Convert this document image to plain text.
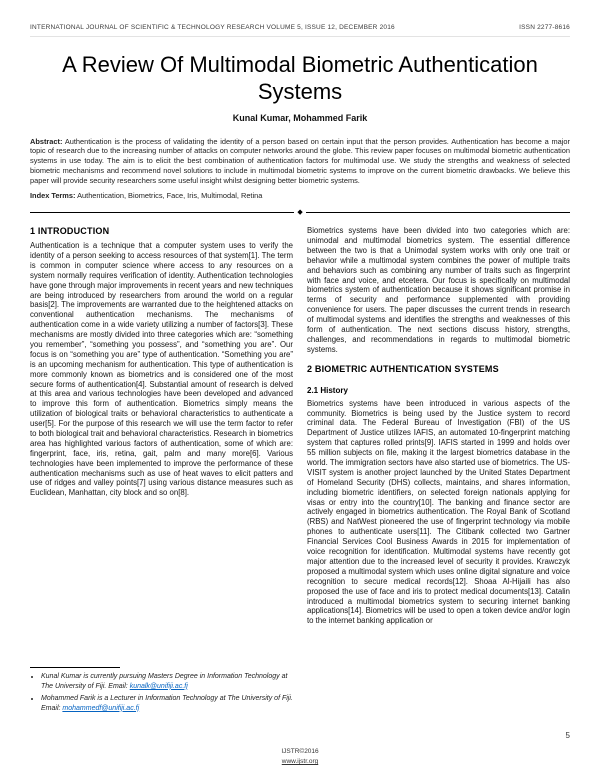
INTERNATIONAL JOURNAL OF SCIENTIFIC & TECHNOLOGY RESEARCH VOLUME 5, ISSUE 12, DECEMBER 2016	ISSN 2277-8616
A Review Of Multimodal Biometric Authentication Systems
Kunal Kumar, Mohammed Farik

Abstract: Authentication is the process of validating the identity of a person based on certain input that the person provides. Authentication has become a major topic of research due to the increasing number of attacks on computer networks around the globe. This review paper focuses on multimodal biometric authentication systems in use today. The aim is to elicit the best combination of authentication factors for multimodal use. We study the strengths and weakness of selected biometric mechanisms and recommend novel solutions to include in multimodal biometric systems to improve on the current biometric drawbacks. We believe this paper will provide security researchers some useful insight whilst designing better biometric systems.

Index Terms: Authentication, Biometrics, Face, Iris, Multimodal, Retina

◆
1 INTRODUCTION

Authentication is a technique that a computer system uses to verify the identity of a person seeking to access resources of that system[1]. The term is common in computer science where access to any resources on a system normally requires verification of identity. Authentication technologies have gone through major improvements in recent years and new techniques are being introduced by researchers from around the world on a regular basis[2]. The improvements are warranted due to the heightened attacks on conventional authentication mechanisms. The mechanisms of authentication come in a wide variety utilizing a number of factors[3]. These mechanisms are mostly divided into three categories which are: “something you remember”, “something you possess”, and “something you are”. Our focus is on “something you are” type of authentication. “Something you are” is an upcoming mechanism for authentication. This type of authentication is more commonly known as biometrics and is considered one of the most secure forms of authentication[4]. Substantial amount of research is delved at this area and various technologies have been developed and advanced to improve this form of authentication. Biometrics simply means the utilization of biological traits or behavioral characteristics to authenticate a user[5]. For the purpose of this research we will use the term factor to refer to both biological trait and behavioral characteristics. Research in biometrics area has highlighted various factors of authentication, some of which are: fingerprint, face, iris, retina, gait, palm and many more[6]. Various technologies have been implemented to improve the performance of these authentication mechanisms such as use of heat waves to elicit patters and use of ridges and valley points[7] using various distance measures such as Euclidean, Manhattan, city block and so on[8].

• Kunal Kumar is currently pursuing Masters Degree in Information Technology at The University of Fiji. Email: kunalk@unifiji.ac.fj
• Mohammed Farik is a Lecturer in Information Technology at The University of Fiji. Email: mohammedf@unifiji.ac.fj

Biometrics systems have been divided into two categories which are: unimodal and multimodal biometrics system. The essential difference between the two is that a Unimodal system works with only one trait or behavior while a multimodal system combines the power of multiple traits and behaviors such as combining any number of traits such as fingerprint with face and voice, and etcetera. Our focus is specifically on multimodal biometrics system of authentication because it shows significant promise in terms of security and performance supplemented with providing convenience for users. The paper discusses the current trends in research of multimodal systems and identifies the strengths and weaknesses of this form of authentication. The next sections discuss history, strengths, challenges, and recommendations in regards to multimodal biometric systems.

2 BIOMETRIC AUTHENTICATION SYSTEMS
2.1 History

Biometrics systems have been introduced in various aspects of the community. Biometrics is being used by the Justice system to record criminal data. The Federal Bureau of Investigation (FBI) of the US Department of Justice utilizes IAFIS, an automated 10-fingerprint matching system that captures rolled prints[9]. IAFIS started in 1999 and holds over 55 million subjects on file, making it the largest biometrics database in the world. The immigration sectors have also started use of biometrics. The US-VISIT system is another project launched by the United States Department of Homeland Security (DHS) collects, maintains, and shares information, including biometric identifiers, on selected foreign nationals applying for visas or entry into the country[10]. The banking and finance sector are actively engaged in biometrics authentication. The Royal Bank of Scotland (RBS) and NatWest pioneered the use of fingerprint technology via mobile phones to authenticate users[11]. The Citibank collected two Gartner Financial Services Cool Business Awards in 2015 for implementation of voice recognition for identification. Multimodal systems have recently got major attention due to the increased level of security it provides. Krawczyk proposed a multimodal system which uses online digital signature and voice recognition to secure medical records[12]. Shoaa Al-Hijaili has also proposed the use of face and iris to protect medical documents[13]. Catalin introduced a multimodal biometrics system to securing internet banking applications[14]. Biometrics will be used to open a token device and/or login to the internet banking application or

5
IJSTR©2016
www.ijstr.org
